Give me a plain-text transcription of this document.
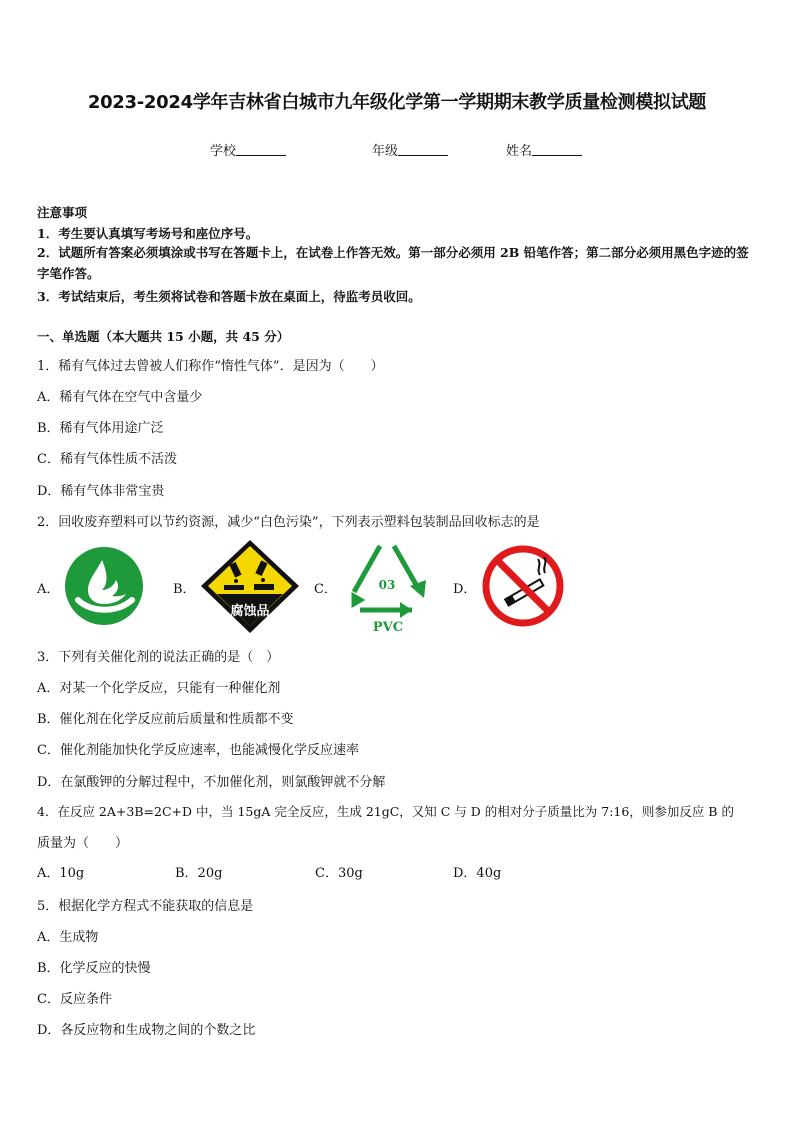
2023-2024学年吉林省白城市九年级化学第一学期期末教学质量检测模拟试题
学校	年级	姓名
注意事项
1．考生要认真填写考场号和座位序号。
2．试题所有答案必须填涂或书写在答题卡上，在试卷上作答无效。第一部分必须用 2B 铅笔作答；第二部分必须用黑色字迹的签字笔作答。
3．考试结束后，考生须将试卷和答题卡放在桌面上，待监考员收回。
一、单选题（本大题共 15 小题，共 45 分）
1．稀有气体过去曾被人们称作“惰性气体”．是因为（　　）
A．稀有气体在空气中含量少
B．稀有气体用途广泛
C．稀有气体性质不活泼
D．稀有气体非常宝贵
2．回收废弃塑料可以节约资源，减少“白色污染”，下列表示塑料包装制品回收标志的是
A．	B．
腐蚀品
C．	03
PVC
D．
3．下列有关催化剂的说法正确的是（　）
A．对某一个化学反应，只能有一种催化剂
B．催化剂在化学反应前后质量和性质都不变
C．催化剂能加快化学反应速率，也能减慢化学反应速率
D．在氯酸钾的分解过程中，不加催化剂，则氯酸钾就不分解
4．在反应 2A+3B=2C+D 中，当 15gA 完全反应，生成 21gC，又知 C 与 D 的相对分子质量比为 7:16，则参加反应 B 的
质量为（　　）
A．10g	B．20g	C．30g	D．40g
5．根据化学方程式不能获取的信息是
A．生成物
B．化学反应的快慢
C．反应条件
D．各反应物和生成物之间的个数之比
